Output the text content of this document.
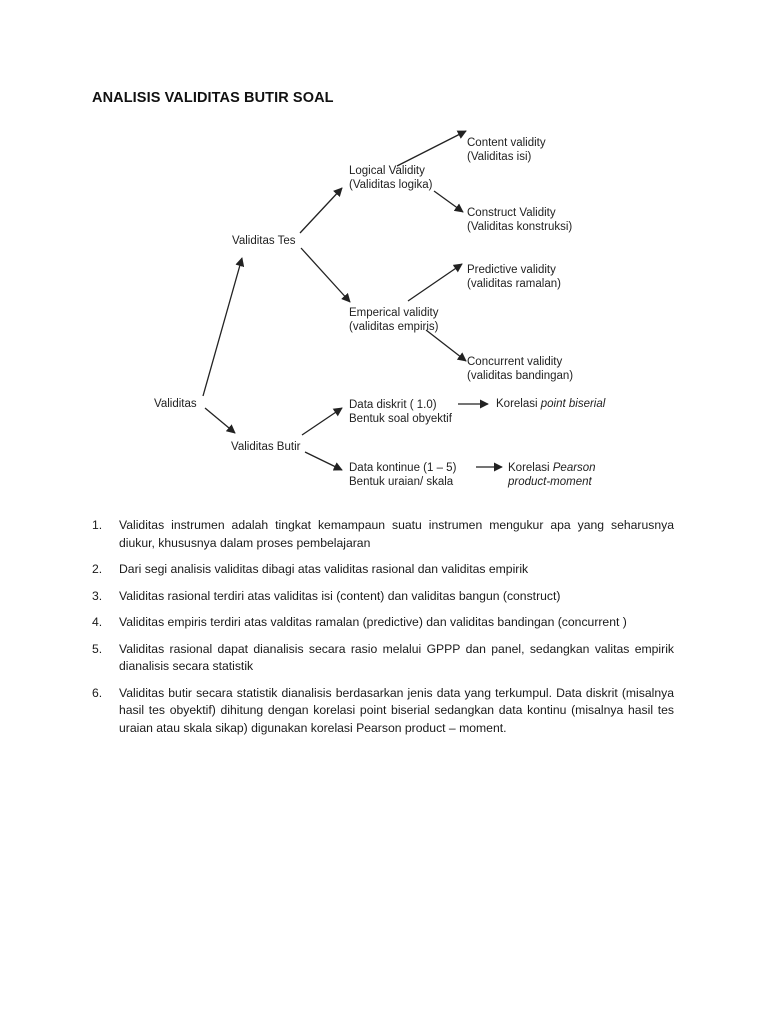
ANALISIS VALIDITAS BUTIR SOAL
Validitas
Validitas Tes
Validitas Butir
Logical Validity
(Validitas logika)
Emperical validity
(validitas empiris)
Content validity
(Validitas isi)
Construct Validity
(Validitas konstruksi)
Predictive validity
(validitas ramalan)
Concurrent validity
(validitas bandingan)
Data diskrit ( 1.0)
Bentuk soal obyektif
Data kontinue (1 – 5)
Bentuk uraian/ skala
Korelasi point biserial
Korelasi Pearson
product-moment
1.	Validitas instrumen adalah tingkat kemampaun suatu instrumen mengukur apa yang seharusnya diukur, khususnya dalam proses pembelajaran
2.	Dari segi analisis validitas dibagi atas validitas rasional dan validitas empirik
3.	Validitas rasional terdiri atas validitas isi (content) dan validitas bangun (construct)
4.	Validitas empiris terdiri atas valditas ramalan (predictive) dan validitas bandingan (concurrent )
5.	Validitas rasional dapat dianalisis secara rasio melalui GPPP dan panel, sedangkan valitas empirik dianalisis secara statistik
6.	Validitas butir secara statistik dianalisis berdasarkan jenis data yang terkumpul. Data diskrit (misalnya hasil tes obyektif) dihitung dengan korelasi point biserial sedangkan data kontinu (misalnya hasil tes uraian atau skala sikap) digunakan korelasi Pearson product – moment.
